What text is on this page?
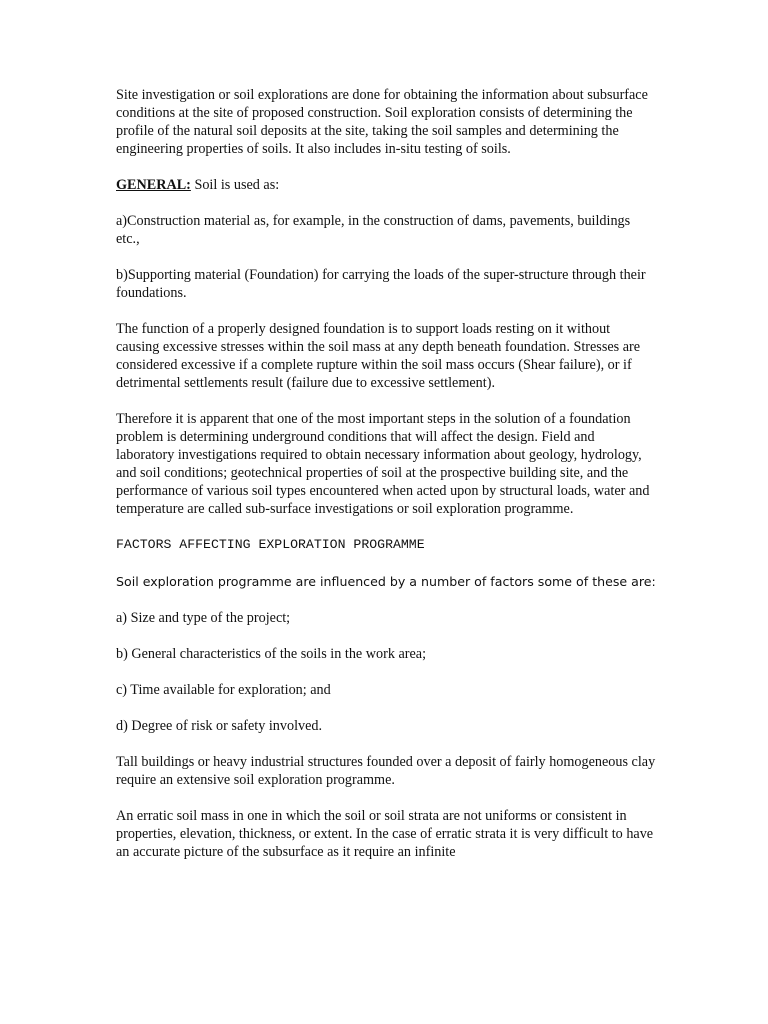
Site investigation or soil explorations are done for obtaining the information about subsurface conditions at the site of proposed construction. Soil exploration consists of determining the profile of the natural soil deposits at the site, taking the soil samples and determining the engineering properties of soils. It also includes in-situ testing of soils.

GENERAL: Soil is used as:

a)Construction material as, for example, in the construction of dams, pavements, buildings etc.,

b)Supporting material (Foundation) for carrying the loads of the super-structure through their foundations.

The function of a properly designed foundation is to support loads resting on it without causing excessive stresses within the soil mass at any depth beneath foundation. Stresses are considered excessive if a complete rupture within the soil mass occurs (Shear failure), or if detrimental settlements result (failure due to excessive settlement).

Therefore it is apparent that one of the most important steps in the solution of a foundation problem is determining underground conditions that will affect the design. Field and laboratory investigations required to obtain necessary information about geology, hydrology, and soil conditions; geotechnical properties of soil at the prospective building site, and the performance of various soil types encountered when acted upon by structural loads, water and temperature are called sub-surface investigations or soil exploration programme.

FACTORS AFFECTING EXPLORATION PROGRAMME

Soil exploration programme are influenced by a number of factors some of these are:

a) Size and type of the project;

b) General characteristics of the soils in the work area;

c) Time available for exploration; and

d) Degree of risk or safety involved.

Tall buildings or heavy industrial structures founded over a deposit of fairly homogeneous clay require an extensive soil exploration programme.

An erratic soil mass in one in which the soil or soil strata are not uniforms or consistent in properties, elevation, thickness, or extent. In the case of erratic strata it is very difficult to have an accurate picture of the subsurface as it require an infinite
